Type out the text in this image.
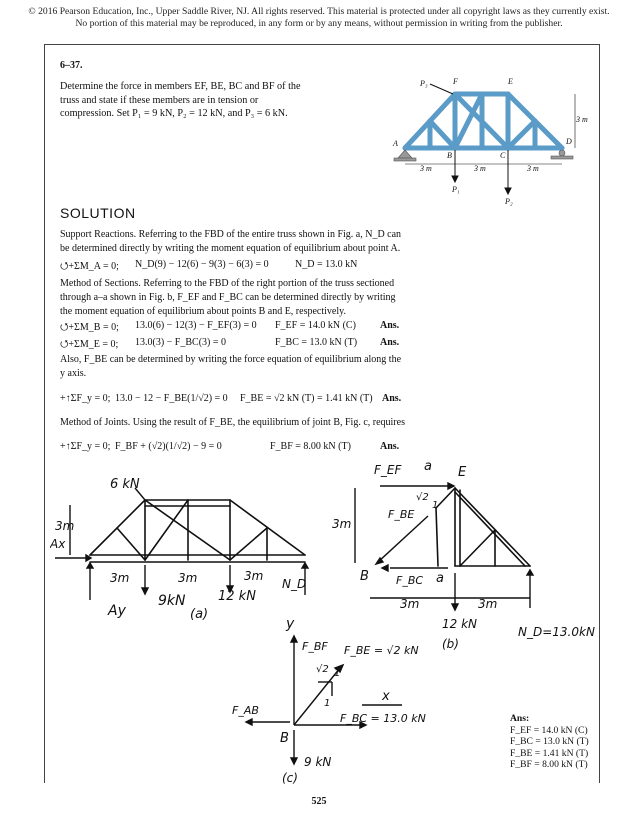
© 2016 Pearson Education, Inc., Upper Saddle River, NJ. All rights reserved. This material is protected under all copyright laws as they currently exist. No portion of this material may be reproduced, in any form or by any means, without permission in writing from the publisher.
6–37.
Determine the force in members EF, BE, BC and BF of the truss and state if these members are in tension or compression. Set P₁ = 9 kN, P₂ = 12 kN, and P₃ = 6 kN.
P₃	F	E
A
B	C
D
3 m
3 m	3 m	3 m
P₁
P₂
SOLUTION
Support Reactions. Referring to the FBD of the entire truss shown in Fig. a, N_D can be determined directly by writing the moment equation of equilibrium about point A.
⭯+ΣM_A = 0; N_D(9) − 12(6) − 9(3) − 6(3) = 0	N_D = 13.0 kN
Method of Sections. Referring to the FBD of the right portion of the truss sectioned through a–a shown in Fig. b, F_EF and F_BC can be determined directly by writing the moment equation of equilibrium about points B and E, respectively.
⭯+ΣM_B = 0; 13.0(6) − 12(3) − F_EF(3) = 0 F_EF = 14.0 kN (C) Ans.
⭯+ΣM_E = 0; 13.0(3) − F_BC(3) = 0	F_BC = 13.0 kN (T) Ans.
Also, F_BE can be determined by writing the force equation of equilibrium along the y axis.
+↑ΣF_y = 0; 13.0 − 12 − F_BE(1/√2) = 0 F_BE = √2 kN (T) = 1.41 kN (T) Ans.
Method of Joints. Using the result of F_BE, the equilibrium of joint B, Fig. c, requires
+↑ΣF_y = 0; F_BF + (√2)(1/√2) − 9 = 0	F_BF = 8.00 kN (T)	Ans.
6 kN
3m
Ax
3m	3m	3m
N_D
Ay
9kN	12 kN
(a)
F_EF a E
3m
F_BE
√2
1
B F_BC a
3m	3m
12 kN
N_D=13.0kN
(b)
y
F_BF F_BE = √2 kN
√2 1
1
F_AB
x
B
F_BC = 13.0 kN
9 kN
(c)
Ans:
F_EF = 14.0 kN (C)
F_BC = 13.0 kN (T)
F_BE = 1.41 kN (T)
F_BF = 8.00 kN (T)
525
